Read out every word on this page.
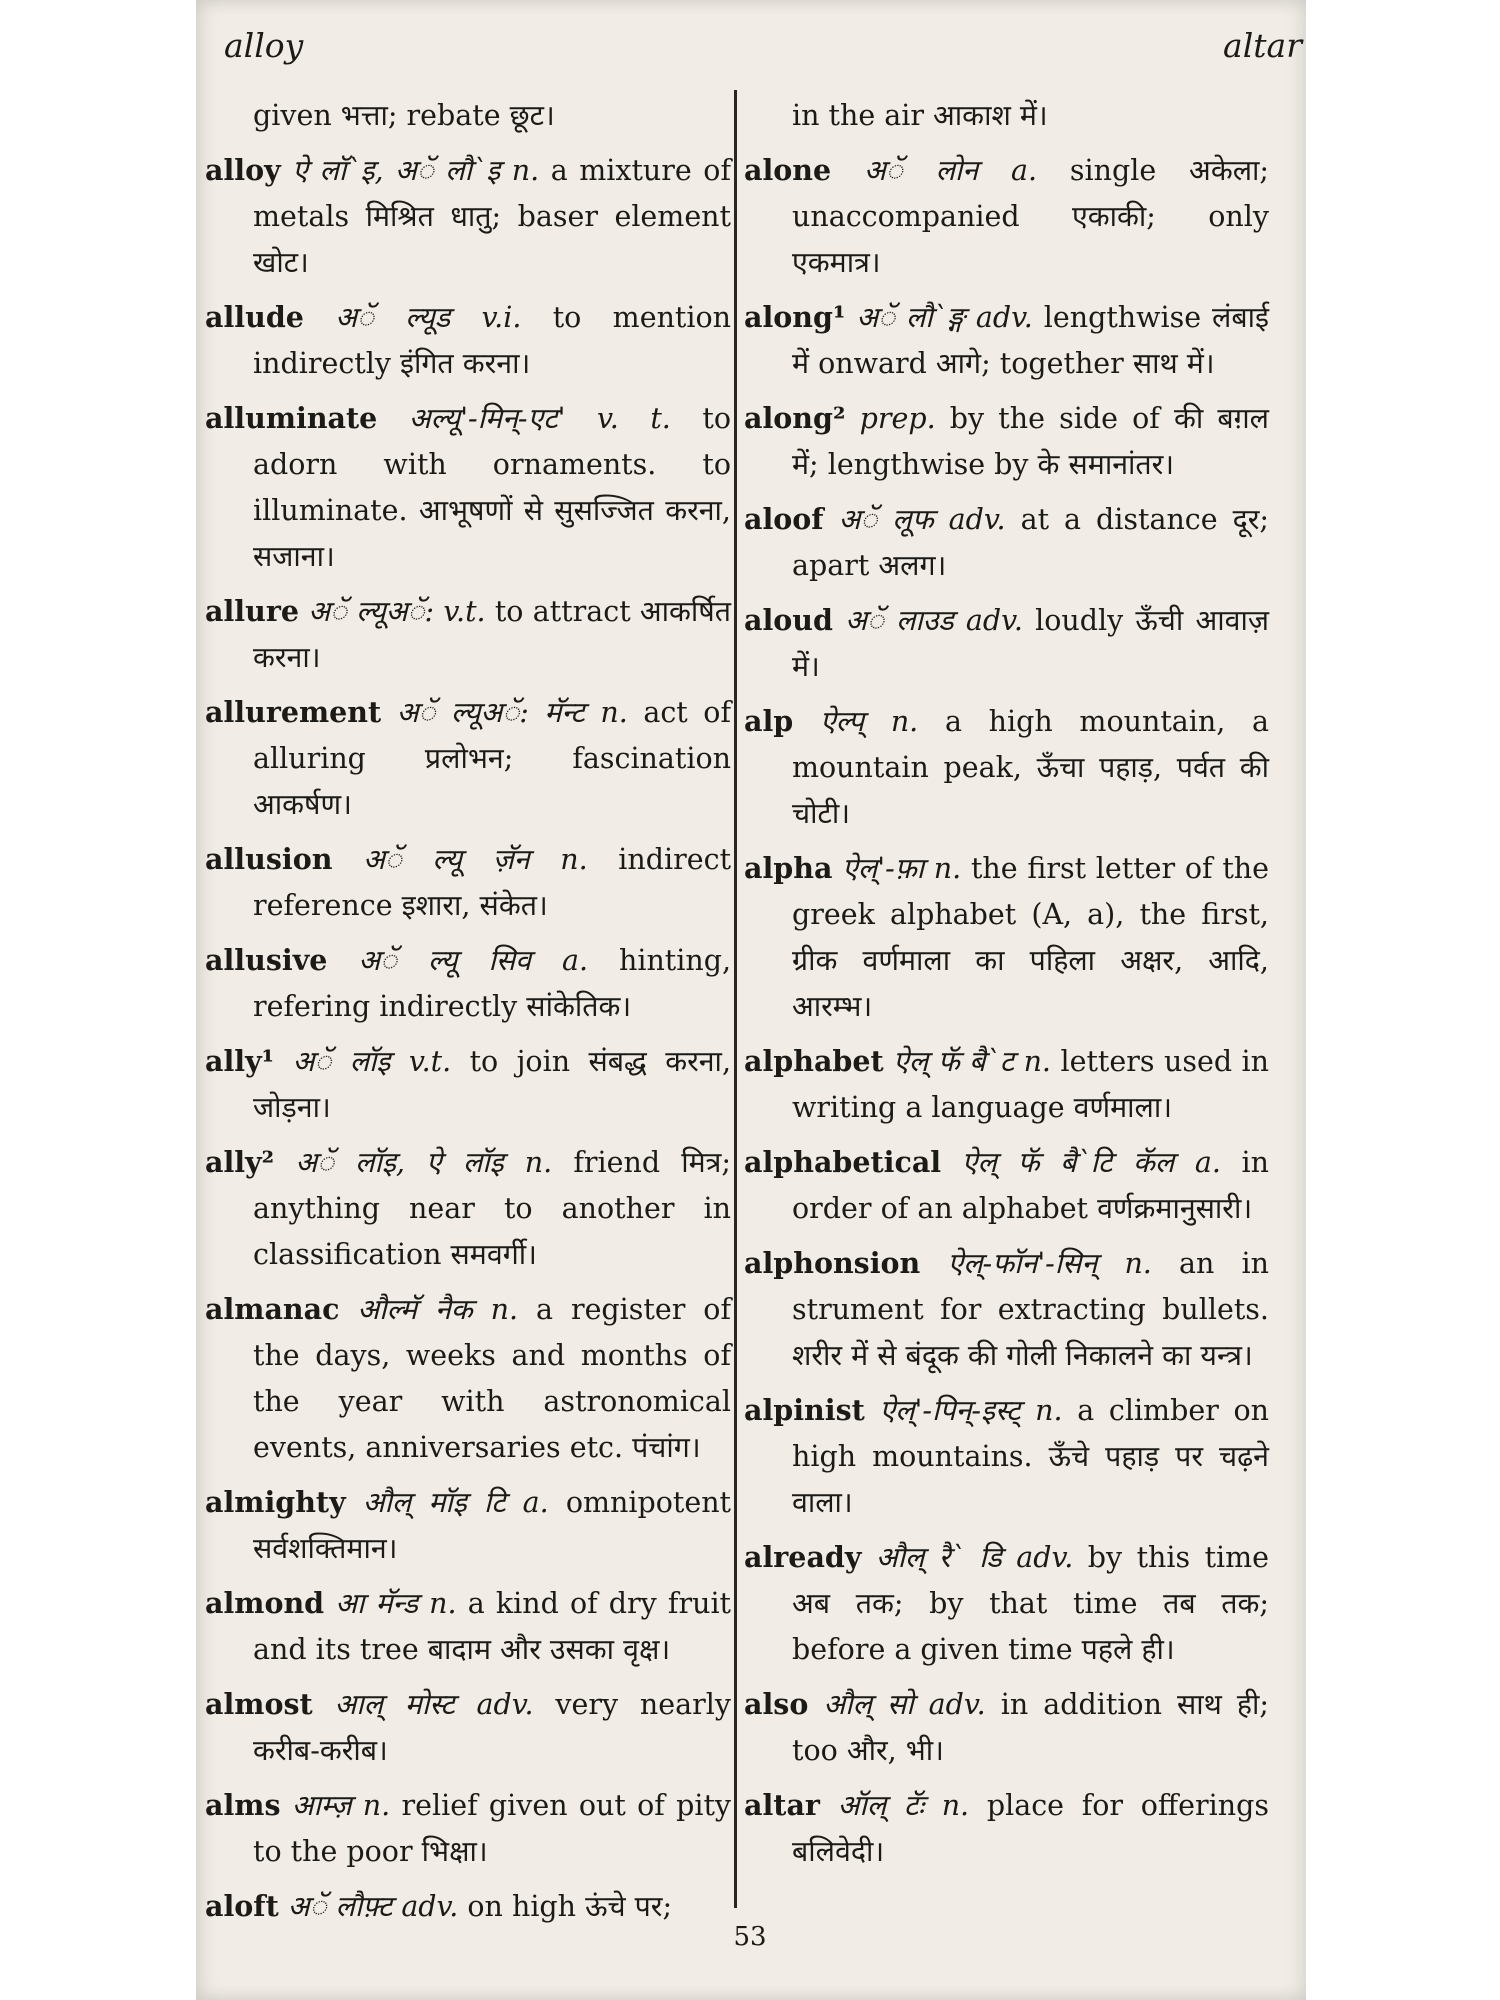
alloy	altar

given भत्ता; rebate छूट।

alloy ऐ लॉ`इ, अॅ लौ`इ n. a mixture of metals मिश्रित धातु; baser element खोट।

allude अॅ ल्यूड v.i. to mention indirectly इंगित करना।

alluminate अल्यू'-मिन्-एट' v. t. to adorn with ornaments. to illuminate. आभूषणों से सुसज्जित करना, सजाना।

allure अॅ ल्यूअॅ: v.t. to attract आकर्षित करना।

allurement अॅ ल्यूअॅ: मॅन्ट n. act of alluring प्रलोभन; fascination आकर्षण।

allusion अॅ ल्यू ज़ॅन n. indirect reference इशारा, संकेत।

allusive अॅ ल्यू सिव a. hinting, refering indirectly सांकेतिक।

ally¹ अॅ लॉइ v.t. to join संबद्ध करना, जोड़ना।

ally² अॅ लॉइ, ऐ लॉइ n. friend मित्र; anything near to another in classification समवर्गी।

almanac औल्मॅ नैक n. a register of the days, weeks and months of the year with astronomical events, anniversaries etc. पंचांग।

almighty औल् मॉइ टि a. omnipotent सर्वशक्तिमान।

almond आ मॅन्ड n. a kind of dry fruit and its tree बादाम और उसका वृक्ष।

almost आल् मोस्ट adv. very nearly करीब-करीब।

alms आम्ज़ n. relief given out of pity to the poor भिक्षा।

aloft अॅ लौफ़्ट adv. on high ऊंचे पर;

in the air आकाश में।

alone अॅ लोन a. single अकेला; unaccompanied एकाकी; only एकमात्र।

along¹ अॅ लौ`ङ्ग adv. lengthwise लंबाई में onward आगे; together साथ में।

along² prep. by the side of की बग़ल में; lengthwise by के समानांतर।

aloof अॅ लूफ adv. at a distance दूर; apart अलग।

aloud अॅ लाउड adv. loudly ऊँची आवाज़ में।

alp ऐल्प् n. a high mountain, a mountain peak, ऊँचा पहाड़, पर्वत की चोटी।

alpha ऐल्'-फ़ा n. the first letter of the greek alphabet (A, a), the first, ग्रीक वर्णमाला का पहिला अक्षर, आदि, आरम्भ।

alphabet ऐल् फॅ बै`ट n. letters used in writing a language वर्णमाला।

alphabetical ऐल् फॅ बै`टि कॅल a. in order of an alphabet वर्णक्रमानुसारी।

alphonsion ऐल्-फॉन'-सिन् n. an in strument for extracting bullets. शरीर में से बंदूक की गोली निकालने का यन्त्र।

alpinist ऐल्'-पिन्-इस्ट् n. a climber on high mountains. ऊँचे पहाड़ पर चढ़ने वाला।

already औल् रै` डि adv. by this time अब तक; by that time तब तक; before a given time पहले ही।

also औल् सो adv. in addition साथ ही; too और, भी।

altar ऑल् टॅः n. place for offerings बलिवेदी।

53
